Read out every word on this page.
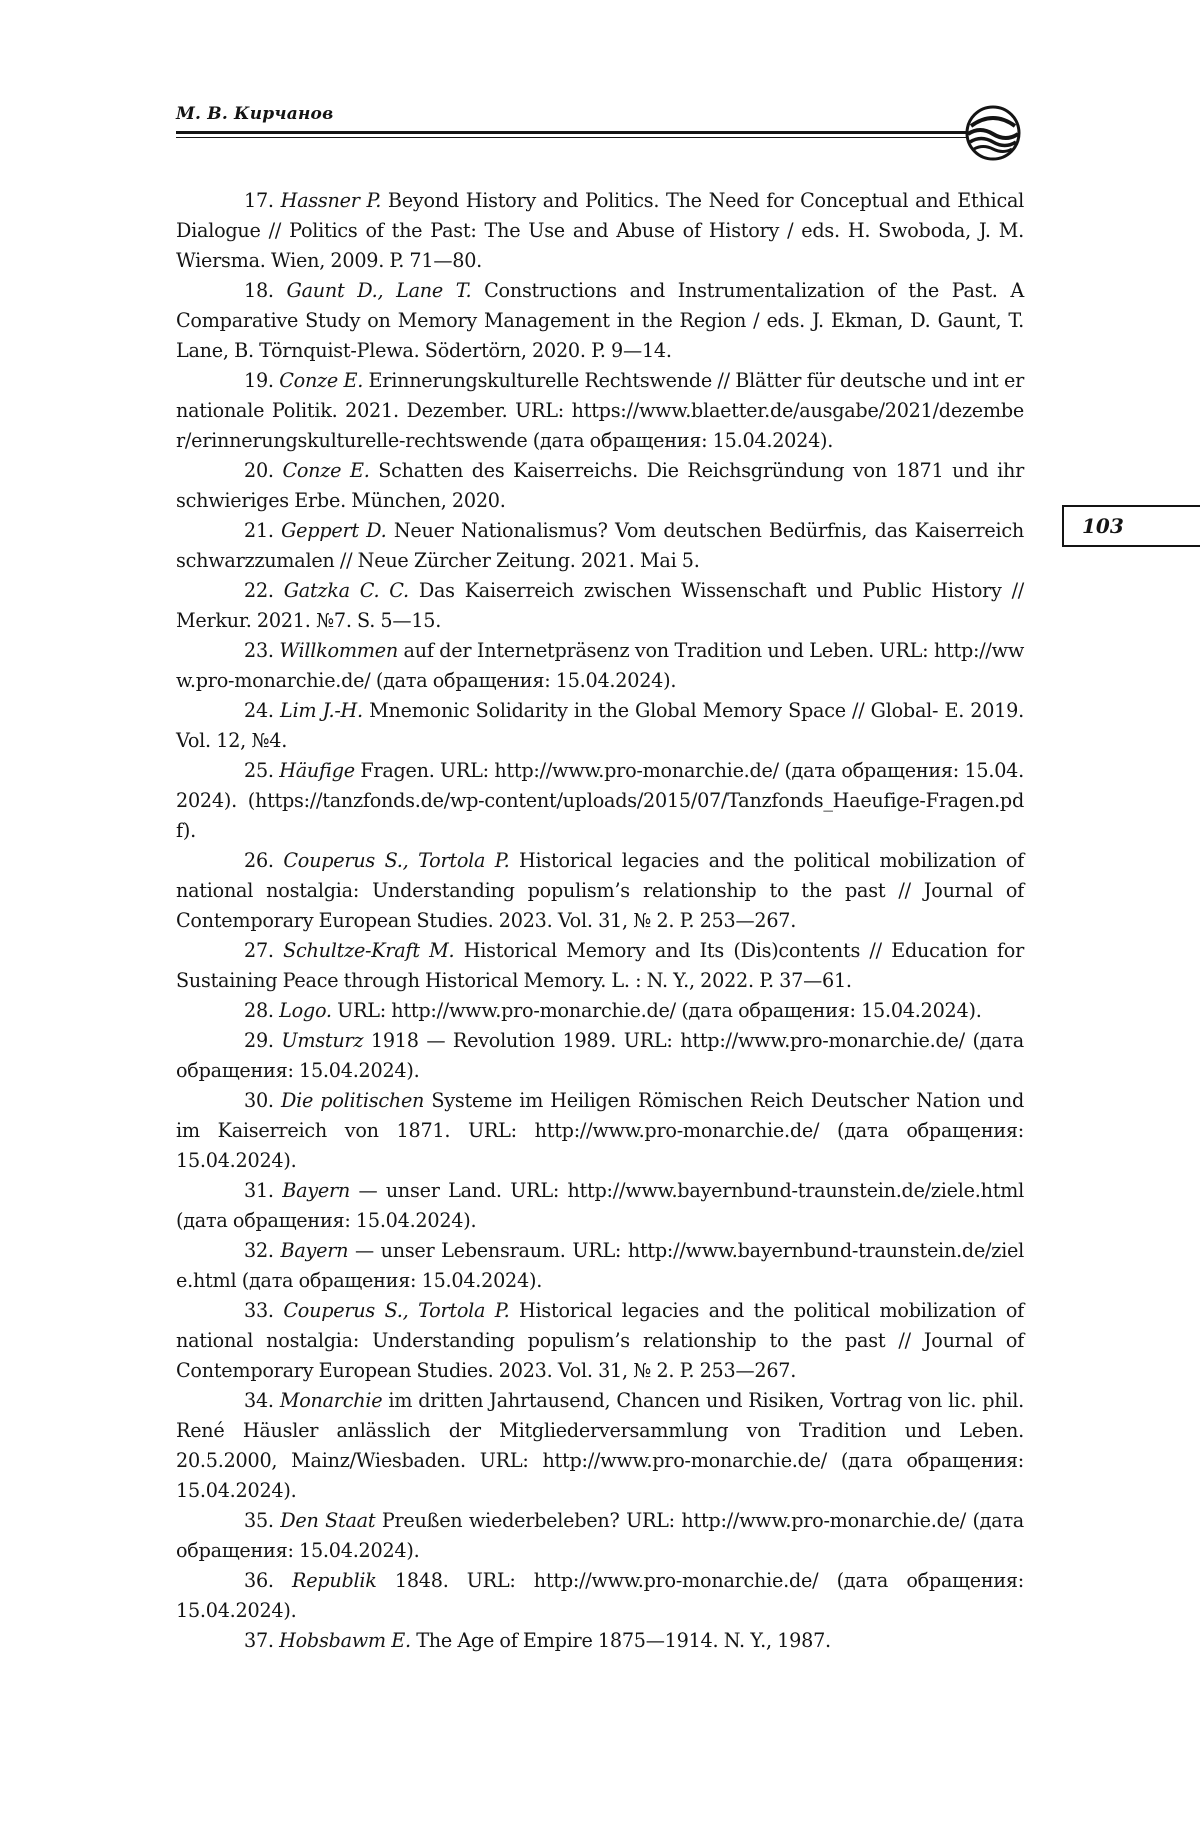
М. В. Кирчанов
103
17. Hassner P. Beyond History and Politics. The Need for Conceptual and Ethical Dialogue // Politics of the Past: The Use and Abuse of History / eds. H. Swoboda, J. M. Wiersma. Wien, 2009. P. 71—80.
18. Gaunt D., Lane T. Constructions and Instrumentalization of the Past. A Comparative Study on Memory Management in the Region / eds. J. Ekman, D. Gaunt, T. Lane, B. Törnquist-Plewa. Södertörn, 2020. P. 9—14.
19. Conze E. Erinnerungskulturelle Rechtswende // Blätter für deutsche und int ernationale Politik. 2021. Dezember. URL: https://www.blaetter.de/ausgabe/2021/dezember/erinnerungskulturelle-rechtswende (дата обращения: 15.04.2024).
20. Conze E. Schatten des Kaiserreichs. Die Reichsgründung von 1871 und ihr schwieriges Erbe. München, 2020.
21. Geppert D. Neuer Nationalismus? Vom deutschen Bedürfnis, das Kaiserreich schwarzzumalen // Neue Zürcher Zeitung. 2021. Mai 5.
22. Gatzka C. C. Das Kaiserreich zwischen Wissenschaft und Public History // Merkur. 2021. №7. S. 5—15.
23. Willkommen auf der Internetpräsenz von Tradition und Leben. URL: http://www.pro-monarchie.de/ (дата обращения: 15.04.2024).
24. Lim J.-H. Mnemonic Solidarity in the Global Memory Space // Global- E. 2019. Vol. 12, №4.
25. Häufige Fragen. URL: http://www.pro-monarchie.de/ (дата обращения: 15.04.2024). (https://tanzfonds.de/wp-content/uploads/2015/07/Tanzfonds_Haeufige-Fragen.pdf).
26. Couperus S., Tortola P. Historical legacies and the political mobilization of national nostalgia: Understanding populism’s relationship to the past // Journal of Contemporary European Studies. 2023. Vol. 31, № 2. P. 253—267.
27. Schultze-Kraft M. Historical Memory and Its (Dis)contents // Education for Sustaining Peace through Historical Memory. L. : N. Y., 2022. P. 37—61.
28. Logo. URL: http://www.pro-monarchie.de/ (дата обращения: 15.04.2024).
29. Umsturz 1918 — Revolution 1989. URL: http://www.pro-monarchie.de/ (дата обращения: 15.04.2024).
30. Die politischen Systeme im Heiligen Römischen Reich Deutscher Nation und im Kaiserreich von 1871. URL: http://www.pro-monarchie.de/ (дата обращения: 15.04.2024).
31. Bayern — unser Land. URL: http://www.bayernbund-traunstein.de/ziele.html (дата обращения: 15.04.2024).
32. Bayern — unser Lebensraum. URL: http://www.bayernbund-traunstein.de/ziele.html (дата обращения: 15.04.2024).
33. Couperus S., Tortola P. Historical legacies and the political mobilization of national nostalgia: Understanding populism’s relationship to the past // Journal of Contemporary European Studies. 2023. Vol. 31, № 2. P. 253—267.
34. Monarchie im dritten Jahrtausend, Chancen und Risiken, Vortrag von lic. phil. René Häusler anlässlich der Mitgliederversammlung von Tradition und Leben. 20.5.2000, Mainz/Wiesbaden. URL: http://www.pro-monarchie.de/ (дата обращения: 15.04.2024).
35. Den Staat Preußen wiederbeleben? URL: http://www.pro-monarchie.de/ (дата обращения: 15.04.2024).
36. Republik 1848. URL: http://www.pro-monarchie.de/ (дата обращения: 15.04.2024).
37. Hobsbawm E. The Age of Empire 1875—1914. N. Y., 1987.
